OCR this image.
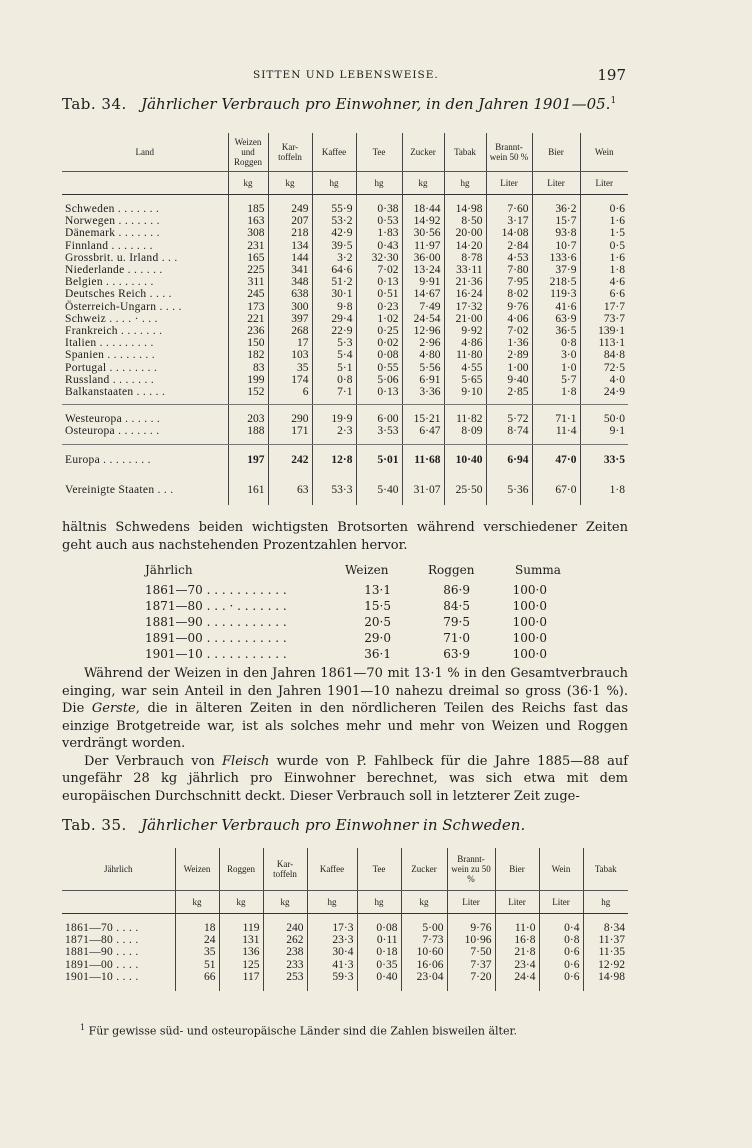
SITTEN UND LEBENSWEISE.	197
Tab. 34. Jährlicher Verbrauch pro Einwohner, in den Jahren 1901—05.$^1$
Land	Weizen und Roggen	Kar- toffeln	Kaffee	Tee	Zucker	Tabak	Brannt- wein 50 %	Bier	Wein
	kg	kg	hg	hg	kg	hg	Liter	Liter	Liter

Schweden . . . . . . .	185	249	55·9	0·38	18·44	14·98	7·60	36·2	0·6
Norwegen . . . . . . .	163	207	53·2	0·53	14·92	8·50	3·17	15·7	1·6
Dänemark . . . . . . .	308	218	42·9	1·83	30·56	20·00	14·08	93·8	1·5
Finnland . . . . . . .	231	134	39·5	0·43	11·97	14·20	2·84	10·7	0·5
Grossbrit. u. Irland . . .	165	144	3·2	32·30	36·00	8·78	4·53	133·6	1·6
Niederlande . . . . . .	225	341	64·6	7·02	13·24	33·11	7·80	37·9	1·8
Belgien . . . . . . . .	311	348	51·2	0·13	9·91	21·36	7·95	218·5	4·6
Deutsches Reich . . . .	245	638	30·1	0·51	14·67	16·24	8·02	119·3	6·6
Österreich-Ungarn . . . .	173	300	9·8	0·23	7·49	17·32	9·76	41·6	17·7
Schweiz . . . . · . . .	221	397	29·4	1·02	24·54	21·00	4·06	63·9	73·7
Frankreich . . . . . . .	236	268	22·9	0·25	12·96	9·92	7·02	36·5	139·1
Italien . . . . . . . . .	150	17	5·3	0·02	2·96	4·86	1·36	0·8	113·1
Spanien . . . . . . . .	182	103	5·4	0·08	4·80	11·80	2·89	3·0	84·8
Portugal . . . . . . . .	83	35	5·1	0·55	5·56	4·55	1·00	1·0	72·5
Russland . . . . . . .	199	174	0·8	5·06	6·91	5·65	9·40	5·7	4·0
Balkanstaaten . . . . .	152	6	7·1	0·13	3·36	9·10	2·85	1·8	24·9

Westeuropa . . . . . .	203	290	19·9	6·00	15·21	11·82	5·72	71·1	50·0
Osteuropa . . . . . . .	188	171	2·3	3·53	6·47	8·09	8·74	11·4	9·1

Europa . . . . . . . .	197	242	12·8	5·01	11·68	10·40	6·94	47·0	33·5
Vereinigte Staaten . . .	161	63	53·3	5·40	31·07	25·50	5·36	67·0	1·8

hältnis Schwedens beiden wichtigsten Brotsorten während verschiedener Zeiten geht auch aus nachstehenden Prozentzahlen hervor.

Jährlich	Weizen	Roggen	Summa
1861—70 . . . . . . . . . . .	13·1	86·9	100·0
1871—80 . . . · . . . . . . .	15·5	84·5	100·0
1881—90 . . . . . . . . . . .	20·5	79·5	100·0
1891—00 . . . . . . . . . . .	29·0	71·0	100·0
1901—10 . . . . . . . . . . .	36·1	63·9	100·0

Während der Weizen in den Jahren 1861—70 mit 13·1 % in den Gesamtverbrauch einging, war sein Anteil in den Jahren 1901—10 nahezu dreimal so gross (36·1 %). Die Gerste, die in älteren Zeiten in den nördlicheren Teilen des Reichs fast das einzige Brotgetreide war, ist als solches mehr und mehr von Weizen und Roggen verdrängt worden.

Der Verbrauch von Fleisch wurde von P. Fahlbeck für die Jahre 1885—88 auf ungefähr 28 kg jährlich pro Einwohner berechnet, was sich etwa mit dem europäischen Durchschnitt deckt. Dieser Verbrauch soll in letzterer Zeit zuge-

Tab. 35. Jährlicher Verbrauch pro Einwohner in Schweden.
Jährlich	Weizen	Roggen	Kar- toffeln	Kaffee	Tee	Zucker	Brannt- wein zu 50 %	Bier	Wein	Tabak
	kg	kg	kg	hg	hg	kg	Liter	Liter	Liter	hg

1861—70 . . . .	18	119	240	17·3	0·08	5·00	9·76	11·0	0·4	8·34
1871—80 . . . .	24	131	262	23·3	0·11	7·73	10·96	16·8	0·8	11·37
1881—90 . . . .	35	136	238	30·4	0·18	10·60	7·50	21·8	0·6	11·35
1891—00 . . . .	51	125	233	41·3	0·35	16·06	7·37	23·4	0·6	12·92
1901—10 . . . .	66	117	253	59·3	0·40	23·04	7·20	24·4	0·6	14·98

$^1$ Für gewisse süd- und osteuropäische Länder sind die Zahlen bisweilen älter.
